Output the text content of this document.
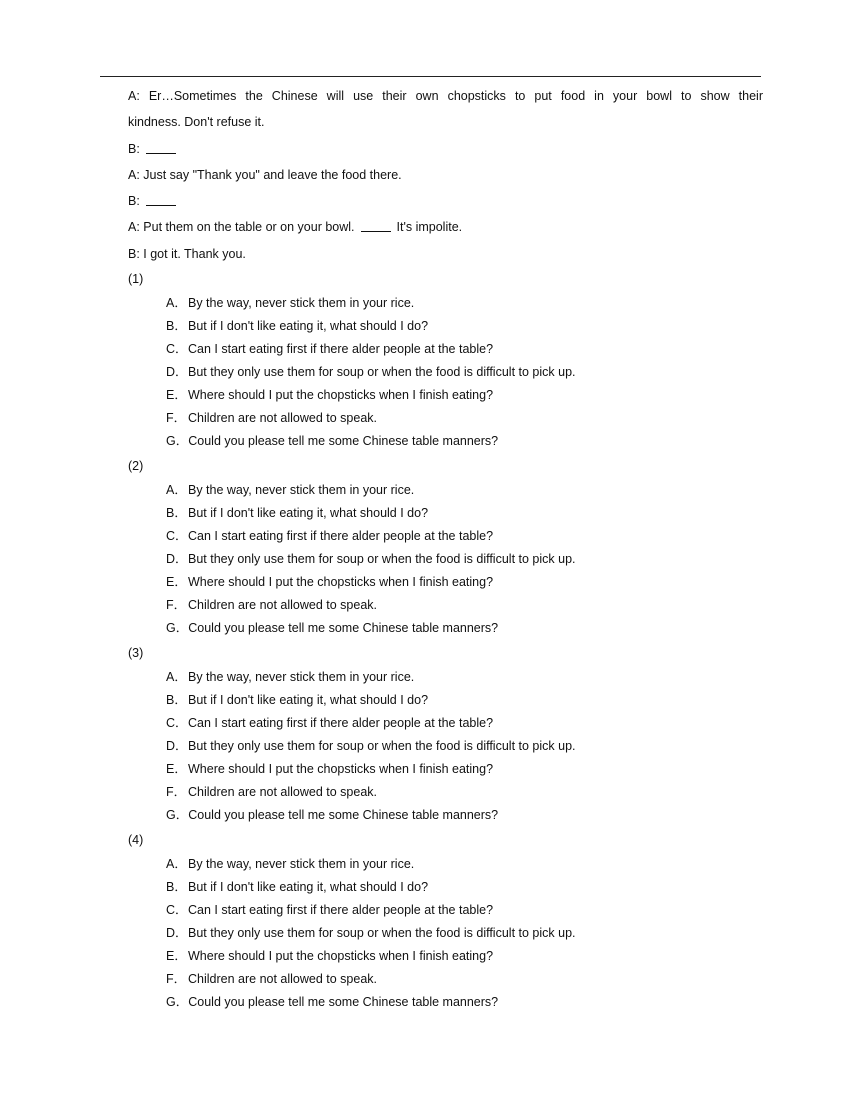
A: Er…Sometimes the Chinese will use their own chopsticks to put food in your bowl to show their
kindness. Don't refuse it.
B:
A: Just say "Thank you" and leave the food there.
B:
A: Put them on the table or on your bowl.	It's impolite.
B: I got it. Thank you.
(1)
A．By the way, never stick them in your rice.
B．But if I don't like eating it, what should I do?
C．Can I start eating first if there alder people at the table?
D．But they only use them for soup or when the food is difficult to pick up.
E．Where should I put the chopsticks when I finish eating?
F． Children are not allowed to speak.
G．Could you please tell me some Chinese table manners?
(2)
A．By the way, never stick them in your rice.
B．But if I don't like eating it, what should I do?
C．Can I start eating first if there alder people at the table?
D．But they only use them for soup or when the food is difficult to pick up.
E．Where should I put the chopsticks when I finish eating?
F． Children are not allowed to speak.
G．Could you please tell me some Chinese table manners?
(3)
A．By the way, never stick them in your rice.
B．But if I don't like eating it, what should I do?
C．Can I start eating first if there alder people at the table?
D．But they only use them for soup or when the food is difficult to pick up.
E．Where should I put the chopsticks when I finish eating?
F． Children are not allowed to speak.
G．Could you please tell me some Chinese table manners?
(4)
A．By the way, never stick them in your rice.
B．But if I don't like eating it, what should I do?
C．Can I start eating first if there alder people at the table?
D．But they only use them for soup or when the food is difficult to pick up.
E．Where should I put the chopsticks when I finish eating?
F． Children are not allowed to speak.
G．Could you please tell me some Chinese table manners?
